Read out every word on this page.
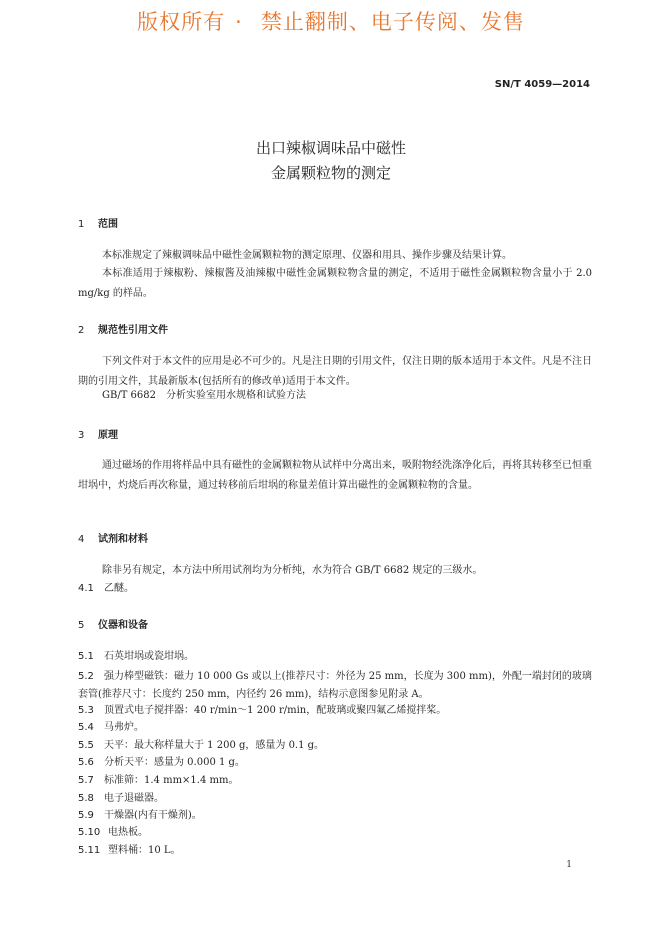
版权所有 · 禁止翻制、电子传阅、发售
SN/T 4059—2014
出口辣椒调味品中磁性
金属颗粒物的测定
1 范围
本标准规定了辣椒调味品中磁性金属颗粒物的测定原理、仪器和用具、操作步骤及结果计算。
本标准适用于辣椒粉、辣椒酱及油辣椒中磁性金属颗粒物含量的测定，不适用于磁性金属颗粒物含量小于 2.0 mg/kg 的样品。
2 规范性引用文件
下列文件对于本文件的应用是必不可少的。凡是注日期的引用文件，仅注日期的版本适用于本文件。凡是不注日期的引用文件，其最新版本(包括所有的修改单)适用于本文件。
GB/T 6682　分析实验室用水规格和试验方法
3 原理
通过磁场的作用将样品中具有磁性的金属颗粒物从试样中分离出来，吸附物经洗涤净化后，再将其转移至已恒重坩埚中，灼烧后再次称量，通过转移前后坩埚的称量差值计算出磁性的金属颗粒物的含量。
4 试剂和材料
除非另有规定，本方法中所用试剂均为分析纯，水为符合 GB/T 6682 规定的三级水。
4.1 乙醚。
5 仪器和设备
5.1 石英坩埚或瓷坩埚。
5.2 强力棒型磁铁：磁力 10 000 Gs 或以上(推荐尺寸：外径为 25 mm，长度为 300 mm)，外配一端封闭的玻璃套管(推荐尺寸：长度约 250 mm，内径约 26 mm)，结构示意图参见附录 A。
5.3 顶置式电子搅拌器：40 r/min～1 200 r/min，配玻璃或聚四氟乙烯搅拌桨。
5.4 马弗炉。
5.5 天平：最大称样量大于 1 200 g，感量为 0.1 g。
5.6 分析天平：感量为 0.000 1 g。
5.7 标准筛：1.4 mm×1.4 mm。
5.8 电子退磁器。
5.9 干燥器(内有干燥剂)。
5.10 电热板。
5.11 塑料桶：10 L。
1
